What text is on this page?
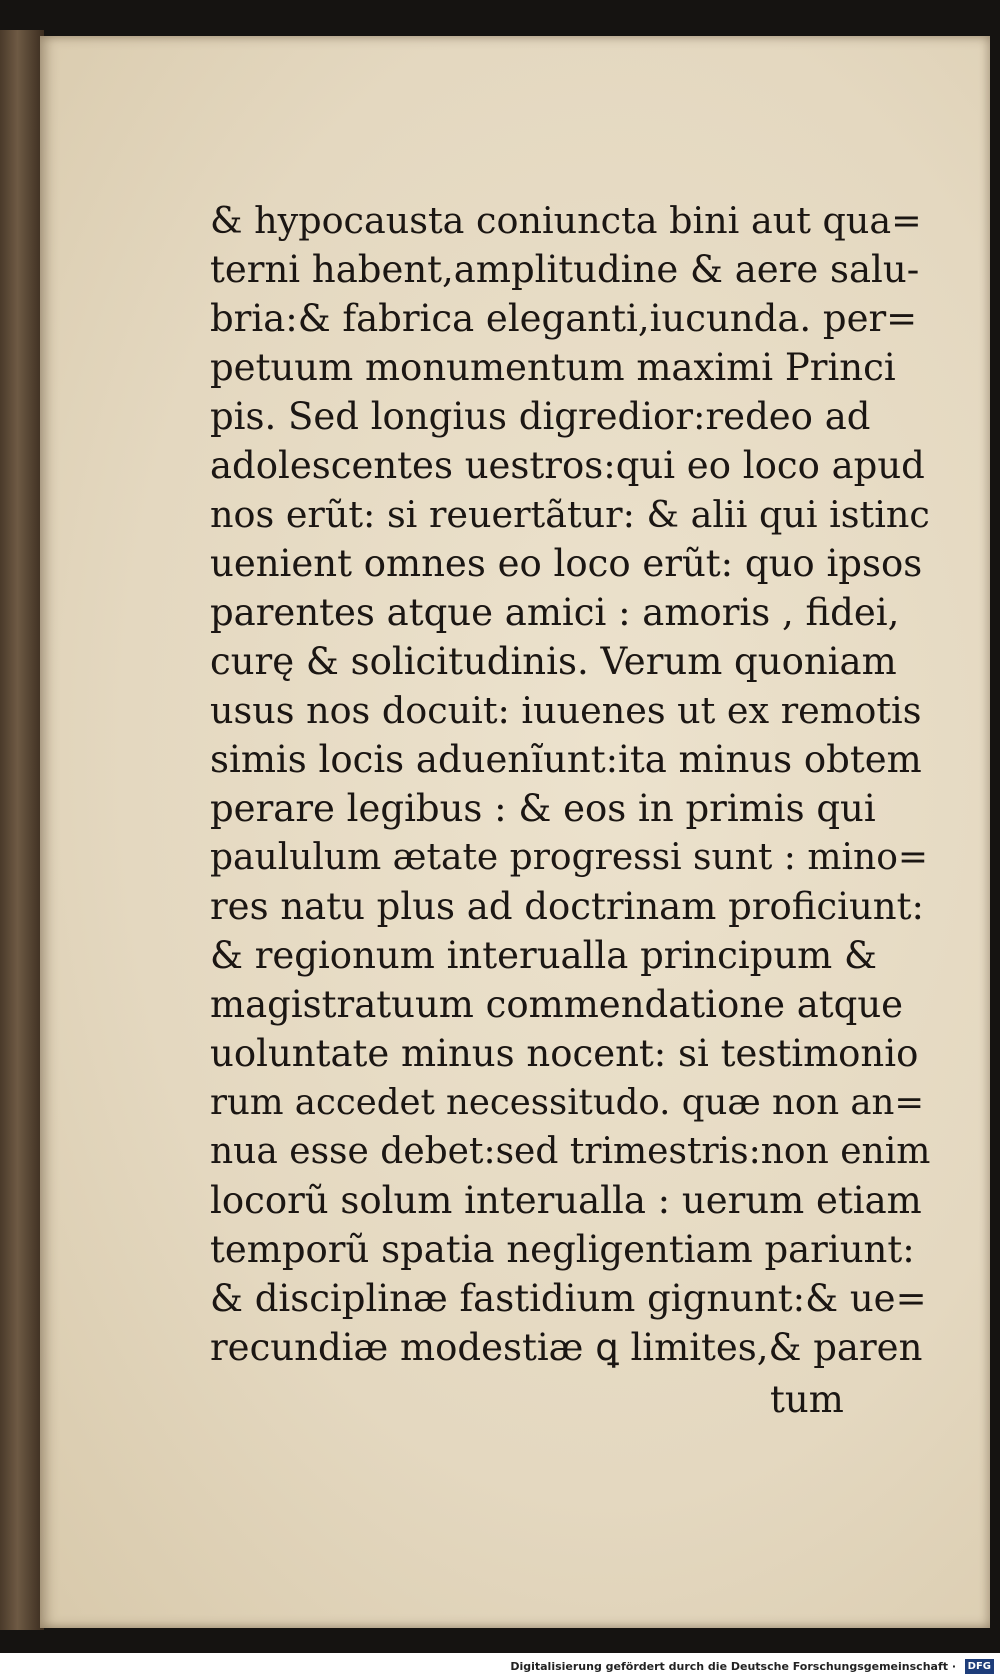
& hypocausta coniuncta bini aut qua=
terni habent,amplitudine & aere salu-
bria:& fabrica eleganti,iucunda. per=
petuum monumentum maximi Princi
pis. Sed longius digredior:redeo ad
adolescentes uestros:qui eo loco apud
nos erũt: si reuertãtur: & alii qui istinc
uenient omnes eo loco erũt: quo ipsos
parentes atque amici : amoris , fidei,
curę & solicitudinis. Verum quoniam
usus nos docuit: iuuenes ut ex remotis
simis locis aduenĩunt:ita minus obtem
perare legibus : & eos in primis qui
paululum ætate progressi sunt : mino=
res natu plus ad doctrinam proficiunt:
& regionum interualla principum &
magistratuum commendatione atque
uoluntate minus nocent: si testimonio
rum accedet necessitudo. quæ non an=
nua esse debet:sed trimestris:non enim
locorũ solum interualla : uerum etiam
temporũ spatia negligentiam pariunt:
& disciplinæ fastidium gignunt:& ue=
recundiæ modestiæ ꝗ limites,& paren
tum
Digitalisierung gefördert durch die Deutsche Forschungsgemeinschaft ·	DFG
